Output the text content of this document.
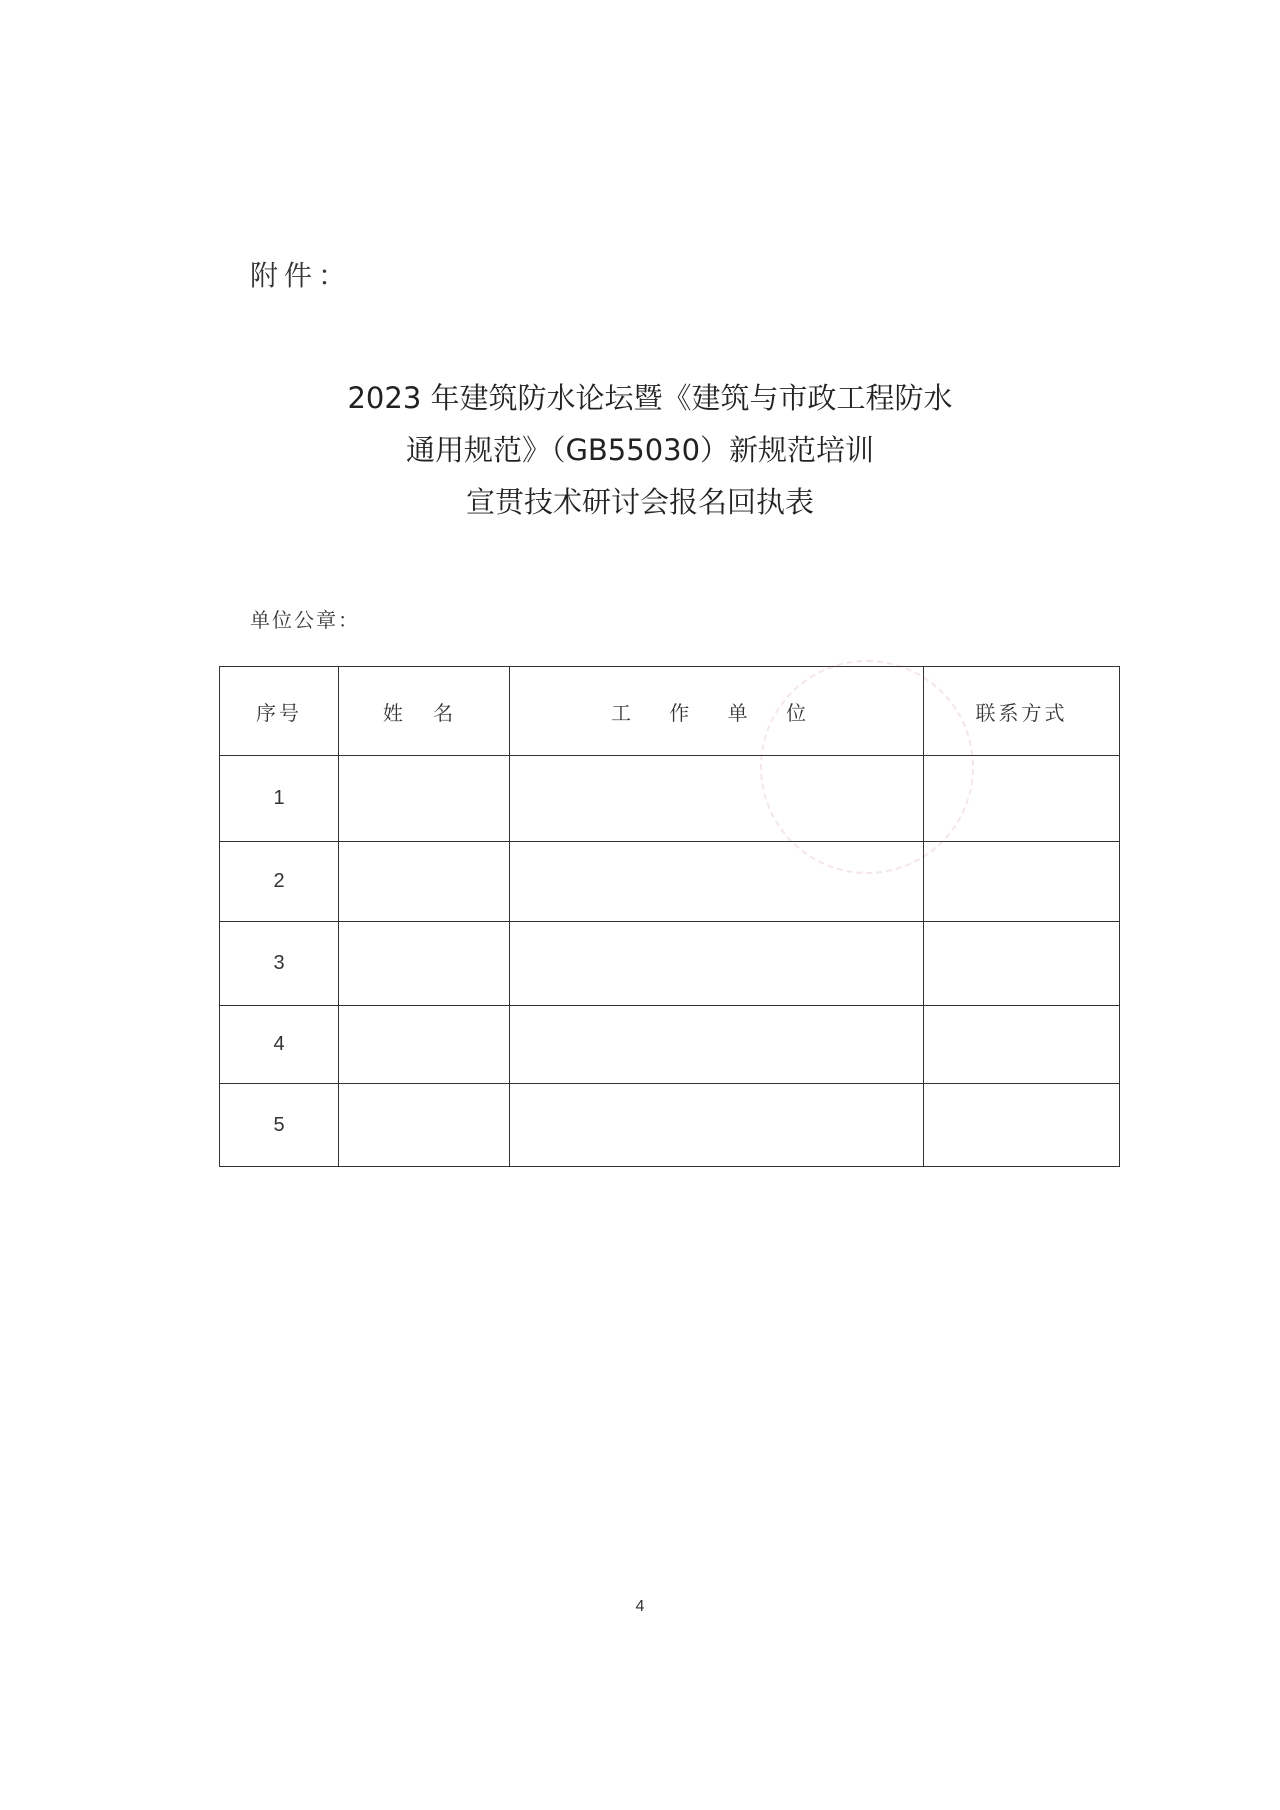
附件：
2023 年建筑防水论坛暨《建筑与市政工程防水
通用规范》（GB55030）新规范培训
宣贯技术研讨会报名回执表
单位公章：
序号	姓 名	工 作 单 位	联系方式
1			
2			
3			
4			
5			
4
